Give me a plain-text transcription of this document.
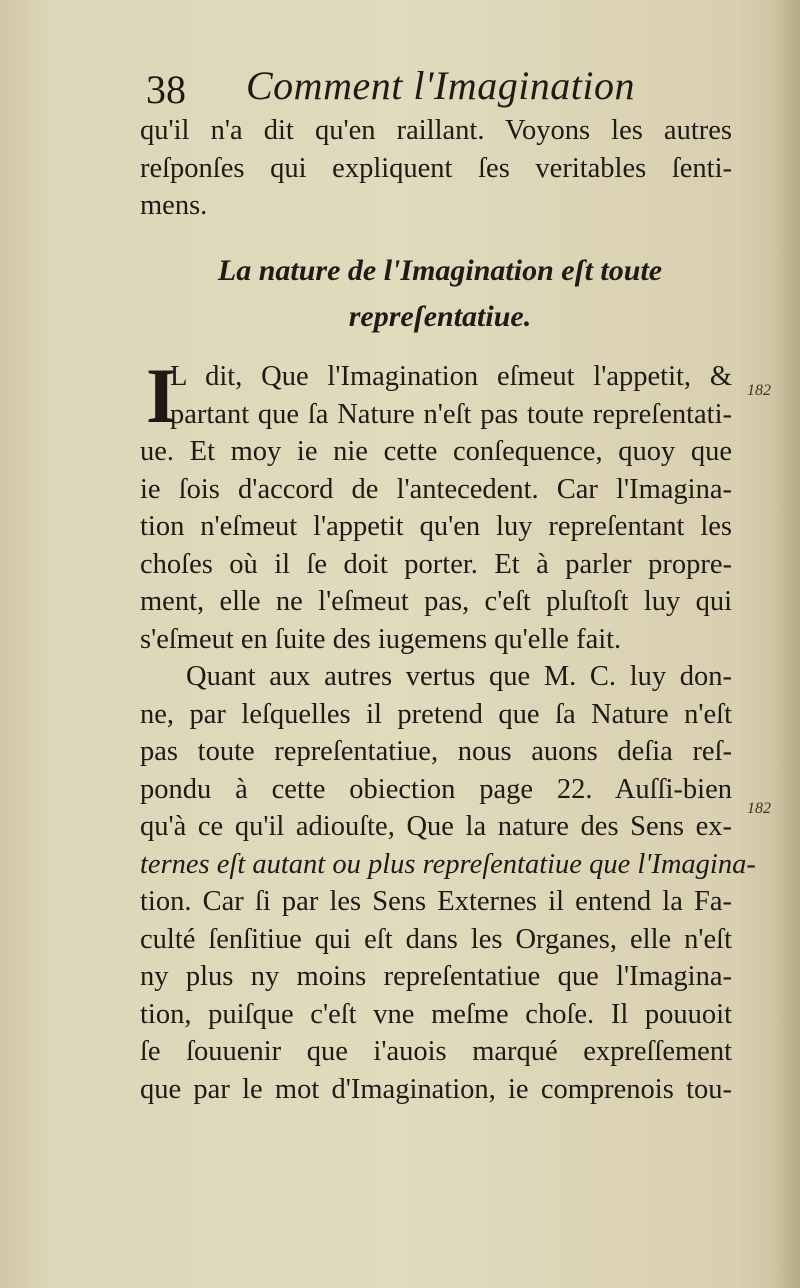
38 Comment l'Imagination
qu'il n'a dit qu'en raillant. Voyons les autres
reſponſes qui expliquent ſes veritables ſenti-
mens.
La nature de l'Imagination eſt toute
repreſentatiue.
I
L dit, Que l'Imagination eſmeut l'appetit, &
partant que ſa Nature n'eſt pas toute repreſentati-
ue. Et moy ie nie cette conſequence, quoy que
ie ſois d'accord de l'antecedent. Car l'Imagina-
tion n'eſmeut l'appetit qu'en luy repreſentant les
choſes où il ſe doit porter. Et à parler propre-
ment, elle ne l'eſmeut pas, c'eſt pluſtoſt luy qui
s'eſmeut en ſuite des iugemens qu'elle fait.
Quant aux autres vertus que M. C. luy don-
ne, par leſquelles il pretend que ſa Nature n'eſt
pas toute repreſentatiue, nous auons deſia reſ-
pondu à cette obiection page 22. Auſſi-bien
qu'à ce qu'il adiouſte, Que la nature des Sens ex-
ternes eſt autant ou plus repreſentatiue que l'Imagina-
tion. Car ſi par les Sens Externes il entend la Fa-
culté ſenſitiue qui eſt dans les Organes, elle n'eſt
ny plus ny moins repreſentatiue que l'Imagina-
tion, puiſque c'eſt vne meſme choſe. Il pouuoit
ſe ſouuenir que i'auois marqué expreſſement
que par le mot d'Imagination, ie comprenois tou-
182
182
